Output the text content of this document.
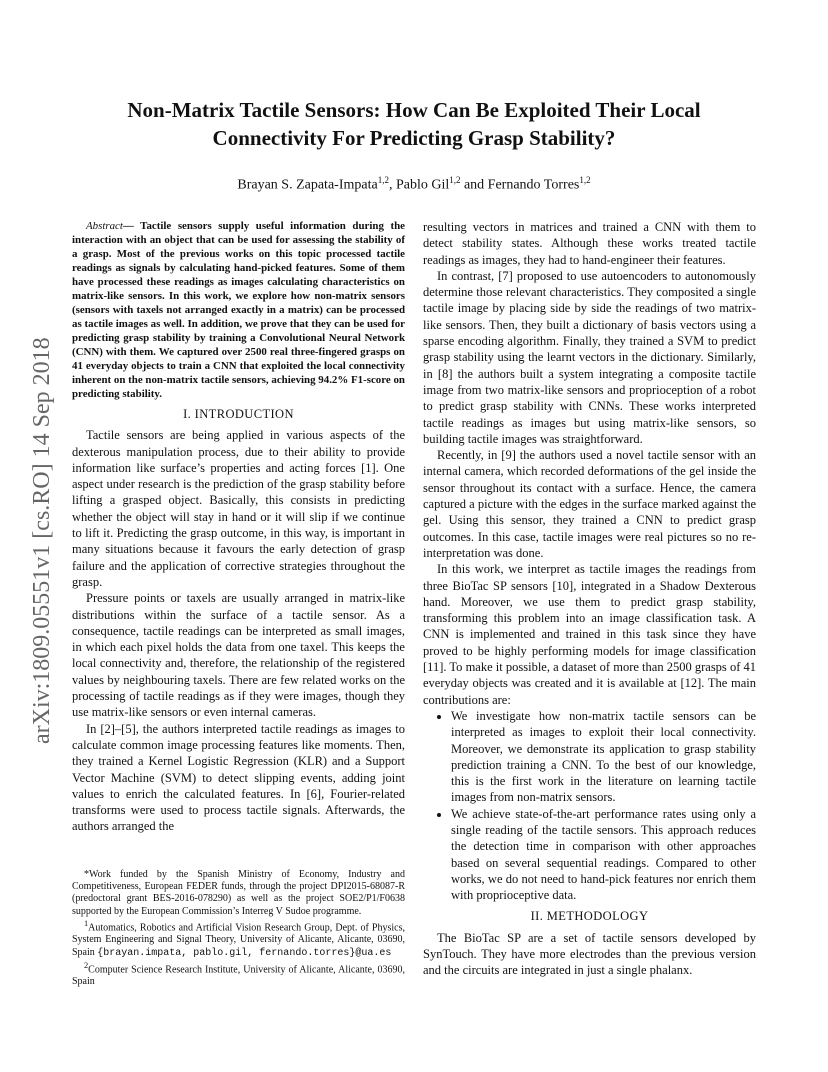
Non-Matrix Tactile Sensors: How Can Be Exploited Their Local Connectivity For Predicting Grasp Stability?
Brayan S. Zapata-Impata$^{1,2}$, Pablo Gil$^{1,2}$ and Fernando Torres$^{1,2}$
arXiv:1809.05551v1 [cs.RO] 14 Sep 2018

Abstract— Tactile sensors supply useful information during the interaction with an object that can be used for assessing the stability of a grasp. Most of the previous works on this topic processed tactile readings as signals by calculating hand-picked features. Some of them have processed these readings as images calculating characteristics on matrix-like sensors. In this work, we explore how non-matrix sensors (sensors with taxels not arranged exactly in a matrix) can be processed as tactile images as well. In addition, we prove that they can be used for predicting grasp stability by training a Convolutional Neural Network (CNN) with them. We captured over 2500 real three-fingered grasps on 41 everyday objects to train a CNN that exploited the local connectivity inherent on the non-matrix tactile sensors, achieving 94.2% F1-score on predicting stability.

I. INTRODUCTION

Tactile sensors are being applied in various aspects of the dexterous manipulation process, due to their ability to provide information like surface’s properties and acting forces [1]. One aspect under research is the prediction of the grasp stability before lifting a grasped object. Basically, this consists in predicting whether the object will stay in hand or it will slip if we continue to lift it. Predicting the grasp outcome, in this way, is important in many situations because it favours the early detection of grasp failure and the application of corrective strategies throughout the grasp.

Pressure points or taxels are usually arranged in matrix-like distributions within the surface of a tactile sensor. As a consequence, tactile readings can be interpreted as small images, in which each pixel holds the data from one taxel. This keeps the local connectivity and, therefore, the relationship of the registered values by neighbouring taxels. There are few related works on the processing of tactile readings as if they were images, though they use matrix-like sensors or even internal cameras.

In [2]–[5], the authors interpreted tactile readings as images to calculate common image processing features like moments. Then, they trained a Kernel Logistic Regression (KLR) and a Support Vector Machine (SVM) to detect slipping events, adding joint values to enrich the calculated features. In [6], Fourier-related transforms were used to process tactile signals. Afterwards, the authors arranged the

*Work funded by the Spanish Ministry of Economy, Industry and Competitiveness, European FEDER funds, through the project DPI2015-68087-R (predoctoral grant BES-2016-078290) as well as the project SOE2/P1/F0638 supported by the European Commission’s Interreg V Sudoe programme.

$^1$Automatics, Robotics and Artificial Vision Research Group, Dept. of Physics, System Engineering and Signal Theory, University of Alicante, Alicante, 03690, Spain {brayan.impata, pablo.gil, fernando.torres}@ua.es

$^2$Computer Science Research Institute, University of Alicante, Alicante, 03690, Spain

resulting vectors in matrices and trained a CNN with them to detect stability states. Although these works treated tactile readings as images, they had to hand-engineer their features.

In contrast, [7] proposed to use autoencoders to autonomously determine those relevant characteristics. They composited a single tactile image by placing side by side the readings of two matrix-like sensors. Then, they built a dictionary of basis vectors using a sparse encoding algorithm. Finally, they trained a SVM to predict grasp stability using the learnt vectors in the dictionary. Similarly, in [8] the authors built a system integrating a composite tactile image from two matrix-like sensors and proprioception of a robot to predict grasp stability with CNNs. These works interpreted tactile readings as images but using matrix-like sensors, so building tactile images was straightforward.

Recently, in [9] the authors used a novel tactile sensor with an internal camera, which recorded deformations of the gel inside the sensor throughout its contact with a surface. Hence, the camera captured a picture with the edges in the surface marked against the gel. Using this sensor, they trained a CNN to predict grasp outcomes. In this case, tactile images were real pictures so no re-interpretation was done.

In this work, we interpret as tactile images the readings from three BioTac SP sensors [10], integrated in a Shadow Dexterous hand. Moreover, we use them to predict grasp stability, transforming this problem into an image classification task. A CNN is implemented and trained in this task since they have proved to be highly performing models for image classification [11]. To make it possible, a dataset of more than 2500 grasps of 41 everyday objects was created and it is available at [12]. The main contributions are:

• We investigate how non-matrix tactile sensors can be interpreted as images to exploit their local connectivity. Moreover, we demonstrate its application to grasp stability prediction training a CNN. To the best of our knowledge, this is the first work in the literature on learning tactile images from non-matrix sensors.
• We achieve state-of-the-art performance rates using only a single reading of the tactile sensors. This approach reduces the detection time in comparison with other approaches based on several sequential readings. Compared to other works, we do not need to hand-pick features nor enrich them with proprioceptive data.
II. METHODOLOGY

The BioTac SP are a set of tactile sensors developed by SynTouch. They have more electrodes than the previous version and the circuits are integrated in just a single phalanx.
